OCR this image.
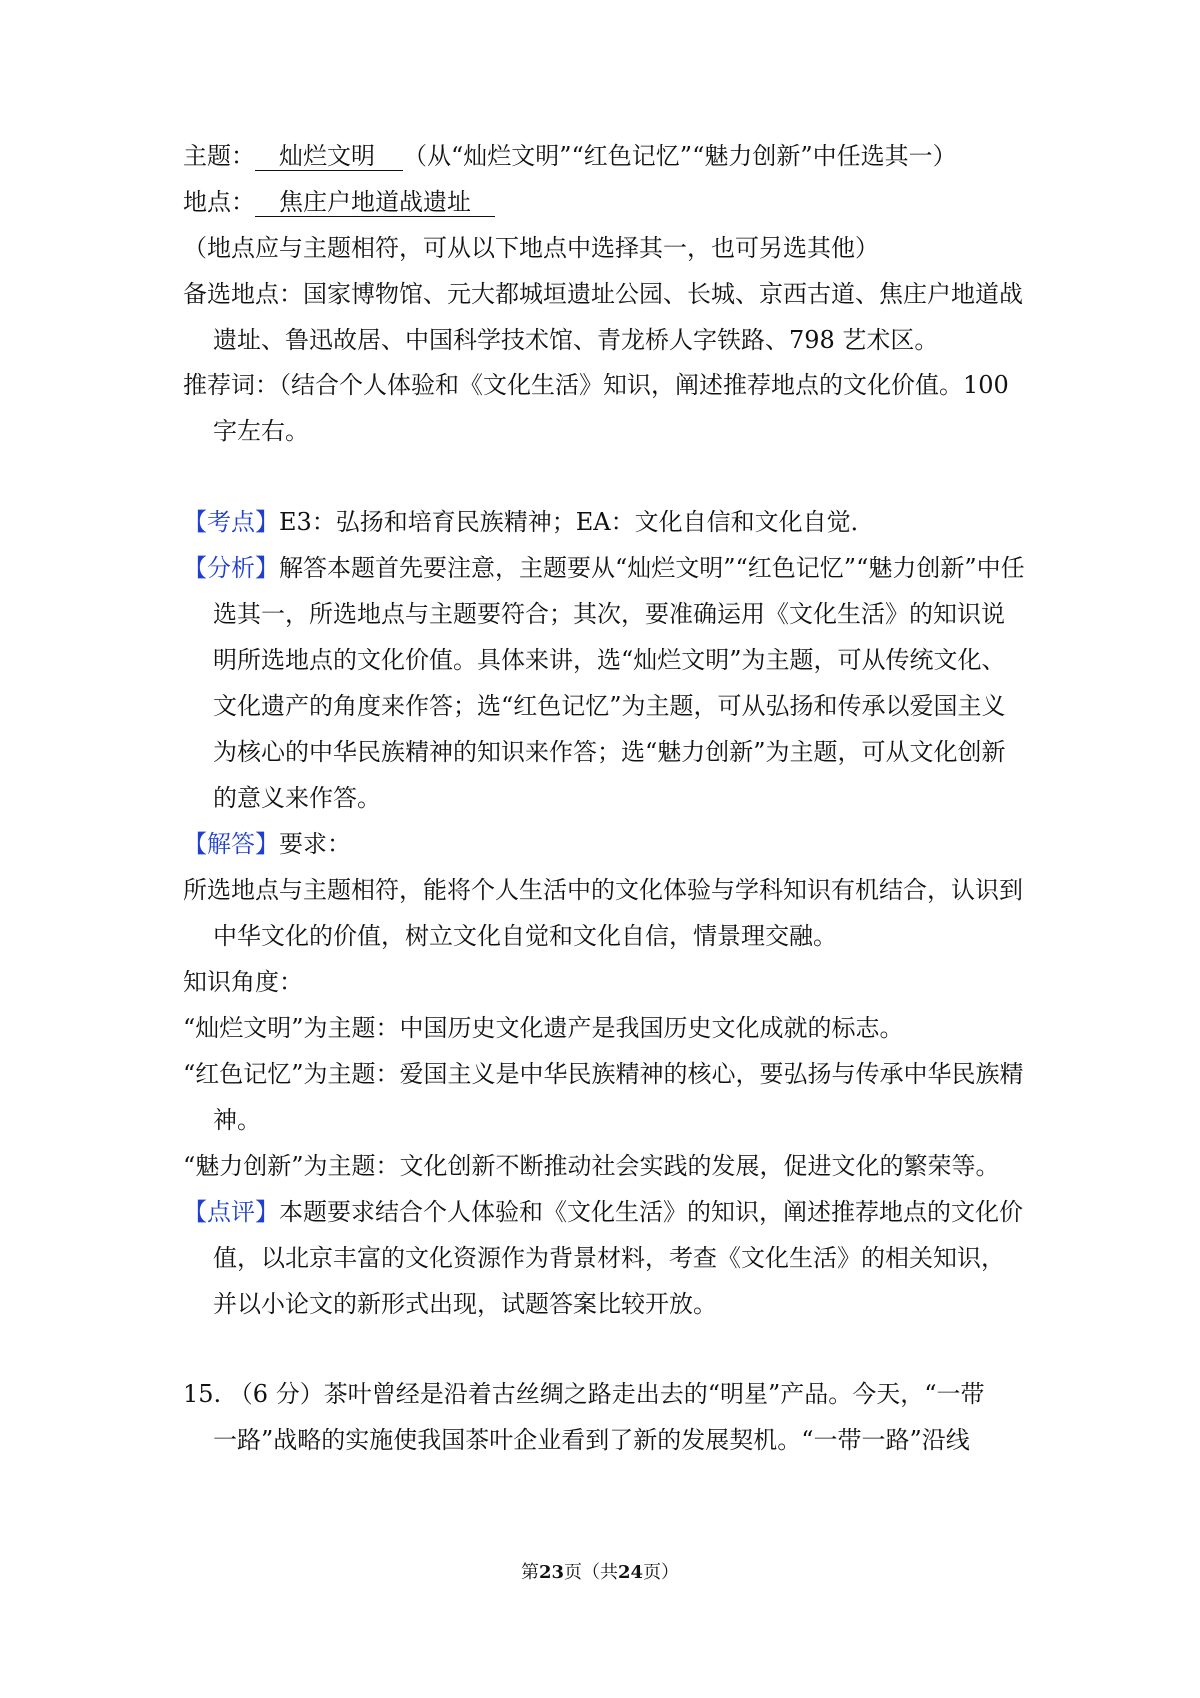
主题： 灿烂文明 （从“灿烂文明”“红色记忆”“魅力创新”中任选其一）
地点： 焦庄户地道战遗址
（地点应与主题相符，可从以下地点中选择其一，也可另选其他）
备选地点：国家博物馆、元大都城垣遗址公园、长城、京西古道、焦庄户地道战
遗址、鲁迅故居、中国科学技术馆、青龙桥人字铁路、798 艺术区。
推荐词：（结合个人体验和《文化生活》知识，阐述推荐地点的文化价值。100
字左右。
【考点】E3：弘扬和培育民族精神；EA：文化自信和文化自觉．
【分析】解答本题首先要注意，主题要从“灿烂文明”“红色记忆”“魅力创新”中任
选其一，所选地点与主题要符合；其次，要准确运用《文化生活》的知识说
明所选地点的文化价值。具体来讲，选“灿烂文明”为主题，可从传统文化、
文化遗产的角度来作答；选“红色记忆”为主题，可从弘扬和传承以爱国主义
为核心的中华民族精神的知识来作答；选“魅力创新”为主题，可从文化创新
的意义来作答。
【解答】要求：
所选地点与主题相符，能将个人生活中的文化体验与学科知识有机结合，认识到
中华文化的价值，树立文化自觉和文化自信，情景理交融。
知识角度：
“灿烂文明”为主题：中国历史文化遗产是我国历史文化成就的标志。
“红色记忆”为主题：爱国主义是中华民族精神的核心，要弘扬与传承中华民族精
神。
“魅力创新”为主题：文化创新不断推动社会实践的发展，促进文化的繁荣等。
【点评】本题要求结合个人体验和《文化生活》的知识，阐述推荐地点的文化价
值，以北京丰富的文化资源作为背景材料，考查《文化生活》的相关知识，
并以小论文的新形式出现，试题答案比较开放。
15. （6 分）茶叶曾经是沿着古丝绸之路走出去的“明星”产品。今天，“一带
一路”战略的实施使我国茶叶企业看到了新的发展契机。“一带一路”沿线
第23页（共24页）
